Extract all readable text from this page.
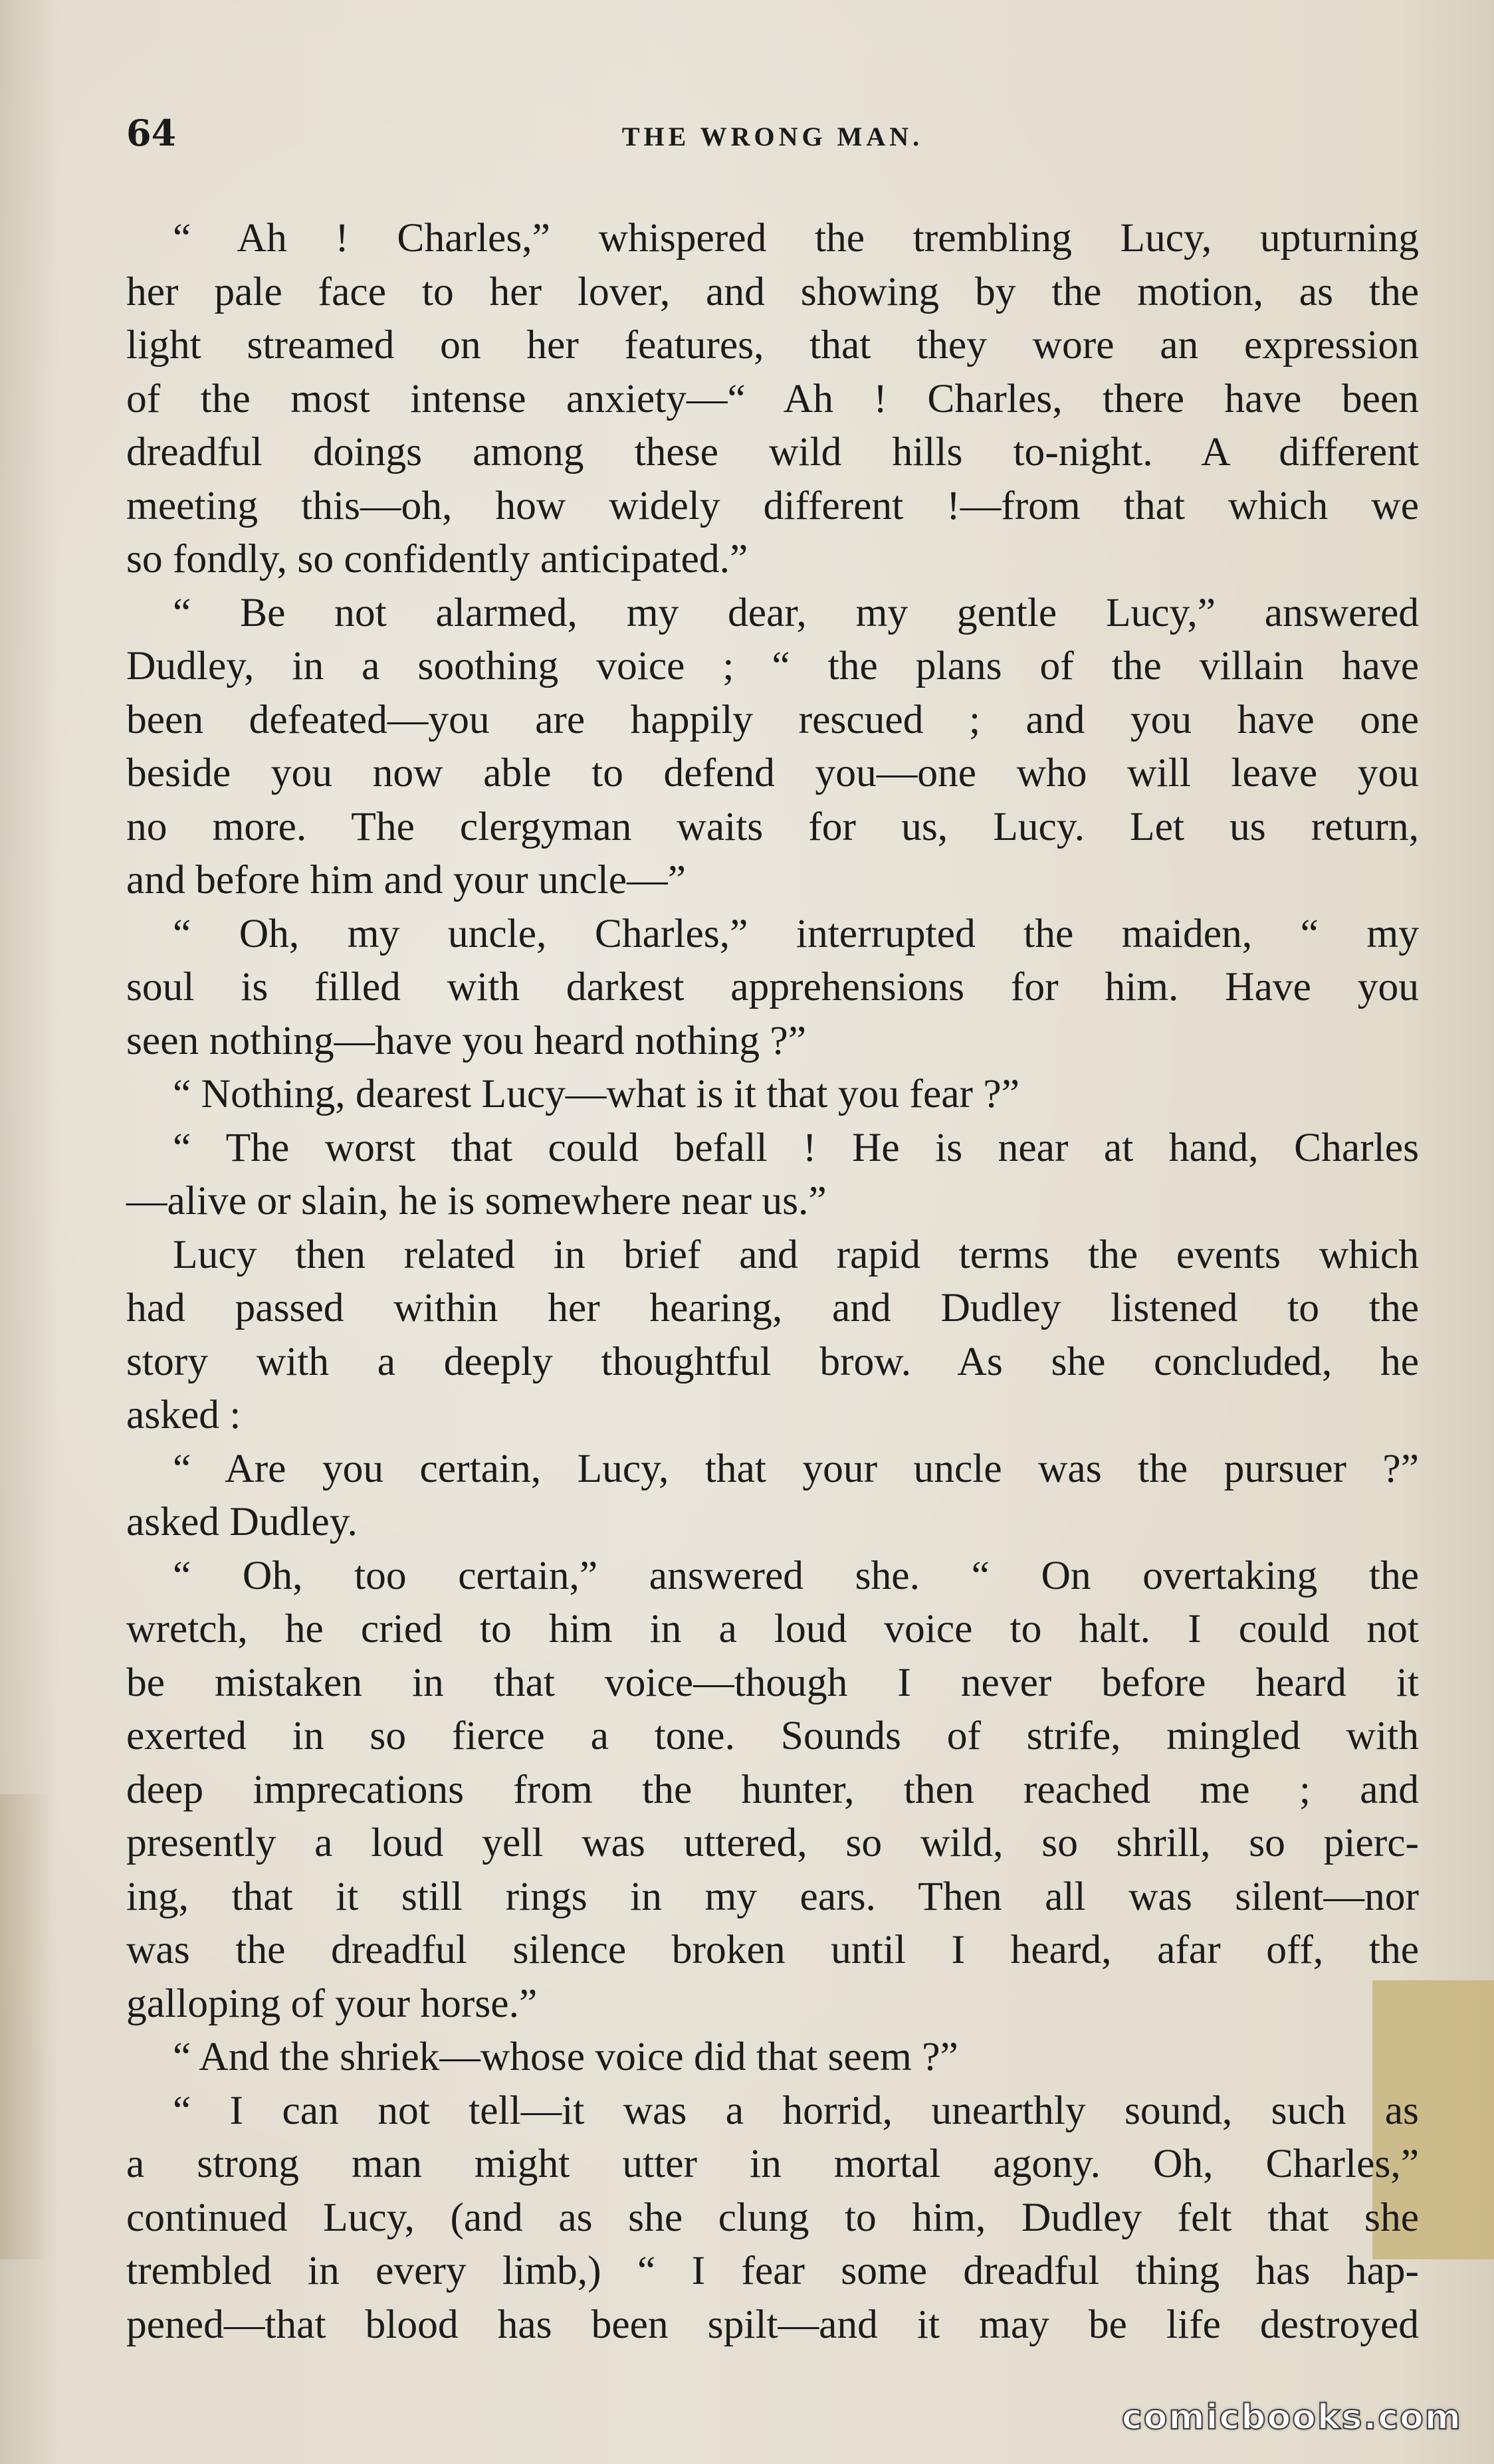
64	THE WRONG MAN.
“ Ah ! Charles,” whispered the trembling Lucy, upturning
her pale face to her lover, and showing by the motion, as the
light streamed on her features, that they wore an expression
of the most intense anxiety—“ Ah ! Charles, there have been
dreadful doings among these wild hills to-night. A different
meeting this—oh, how widely different !—from that which we
so fondly, so confidently anticipated.”
“ Be not alarmed, my dear, my gentle Lucy,” answered
Dudley, in a soothing voice ; “ the plans of the villain have
been defeated—you are happily rescued ; and you have one
beside you now able to defend you—one who will leave you
no more. The clergyman waits for us, Lucy. Let us return,
and before him and your uncle—”
“ Oh, my uncle, Charles,” interrupted the maiden, “ my
soul is filled with darkest apprehensions for him. Have you
seen nothing—have you heard nothing ?”
“ Nothing, dearest Lucy—what is it that you fear ?”
“ The worst that could befall ! He is near at hand, Charles
—alive or slain, he is somewhere near us.”
Lucy then related in brief and rapid terms the events which
had passed within her hearing, and Dudley listened to the
story with a deeply thoughtful brow. As she concluded, he
asked :
“ Are you certain, Lucy, that your uncle was the pursuer ?”
asked Dudley.
“ Oh, too certain,” answered she. “ On overtaking the
wretch, he cried to him in a loud voice to halt. I could not
be mistaken in that voice—though I never before heard it
exerted in so fierce a tone. Sounds of strife, mingled with
deep imprecations from the hunter, then reached me ; and
presently a loud yell was uttered, so wild, so shrill, so pierc-
ing, that it still rings in my ears. Then all was silent—nor
was the dreadful silence broken until I heard, afar off, the
galloping of your horse.”
“ And the shriek—whose voice did that seem ?”
“ I can not tell—it was a horrid, unearthly sound, such as
a strong man might utter in mortal agony. Oh, Charles,”
continued Lucy, (and as she clung to him, Dudley felt that she
trembled in every limb,) “ I fear some dreadful thing has hap-
pened—that blood has been spilt—and it may be life destroyed
comicbooks.com
